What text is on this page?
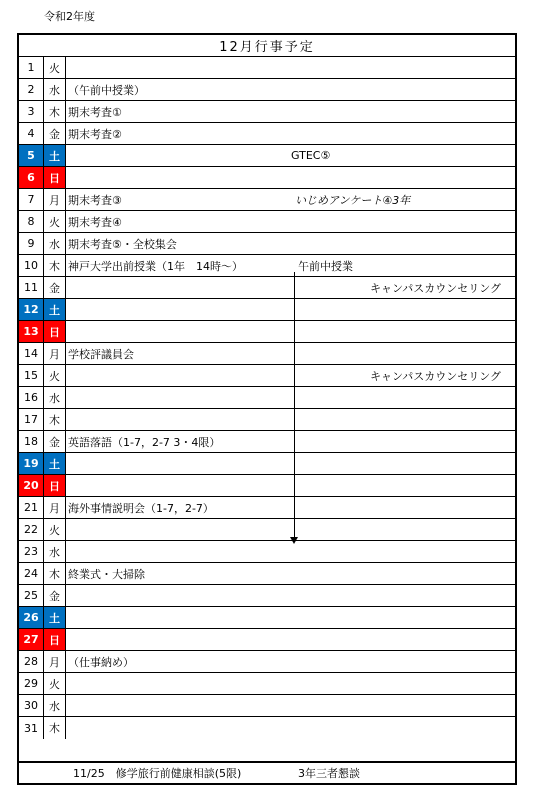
令和2年度
12月行事予定
1	火
2	水 （午前中授業）
3	木 期末考査①
4	金 期末考査②
5	土	GTEC⑤
6	日
7	月 期末考査③	いじめアンケート④3年
8	火 期末考査④
9	水 期末考査⑤・全校集会
10	木 神戸大学出前授業（1年　14時～）	午前中授業
11	金	キャンパスカウンセリング
12 土
13 日
14	月 学校評議員会
15	火	キャンパスカウンセリング
16	水
17	木
18	金 英語落語（1-7，2-7 3・4限）
19 土
20 日
21	月 海外事情説明会（1-7，2-7）
22	火
23	水
24	木 終業式・大掃除
25	金
26 土
27 日
28	月 （仕事納め）
29	火
30	水
31	木
11/25　修学旅行前健康相談(5限)	3年三者懇談
